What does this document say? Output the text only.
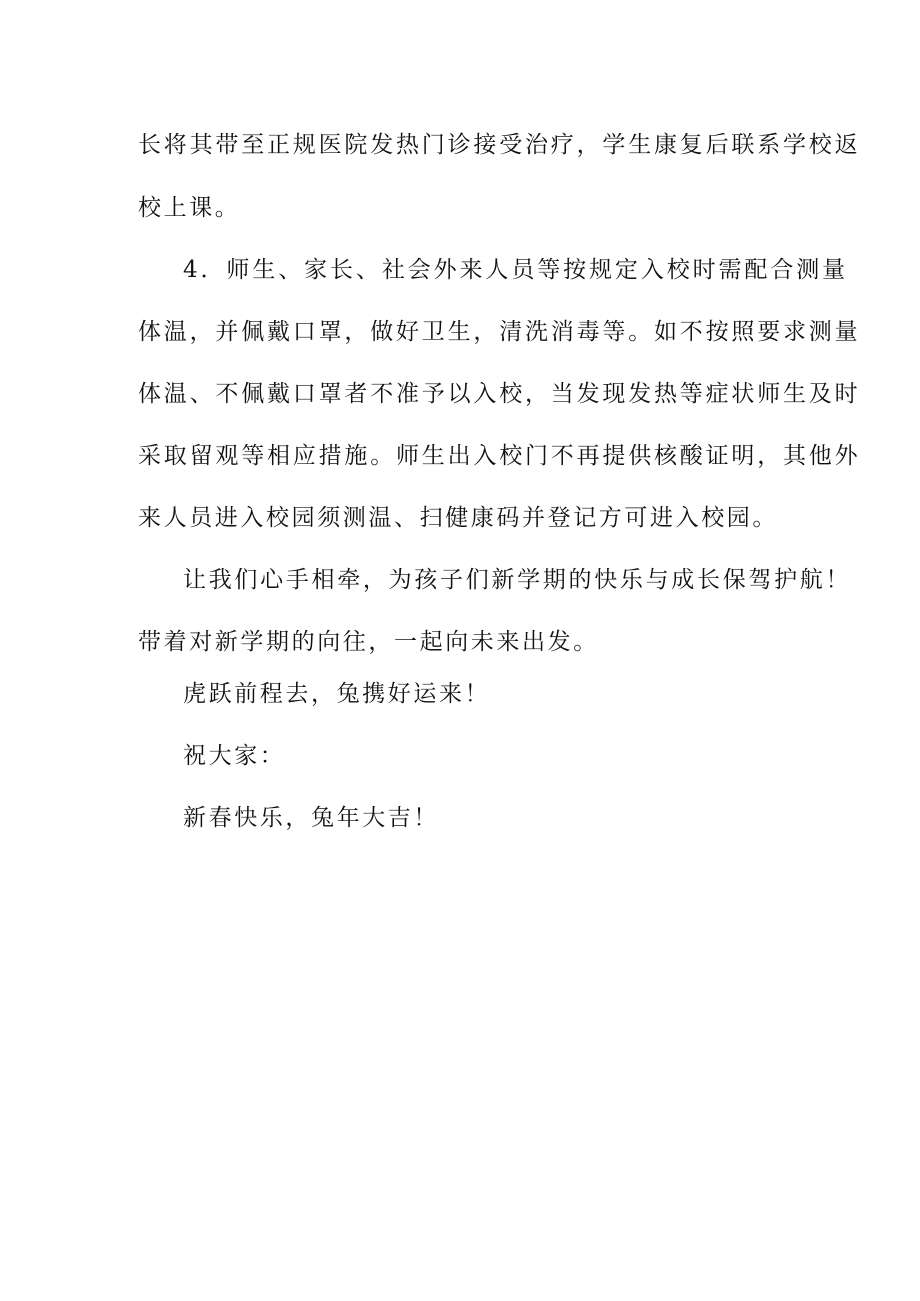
长将其带至正规医院发热门诊接受治疗，学生康复后联系学校返
校上课。
4．师生、家长、社会外来人员等按规定入校时需配合测量
体温，并佩戴口罩，做好卫生，清洗消毒等。如不按照要求测量
体温、不佩戴口罩者不准予以入校，当发现发热等症状师生及时
采取留观等相应措施。师生出入校门不再提供核酸证明，其他外
来人员进入校园须测温、扫健康码并登记方可进入校园。
让我们心手相牵，为孩子们新学期的快乐与成长保驾护航！
带着对新学期的向往，一起向未来出发。
虎跃前程去，兔携好运来！
祝大家：
新春快乐，兔年大吉！
